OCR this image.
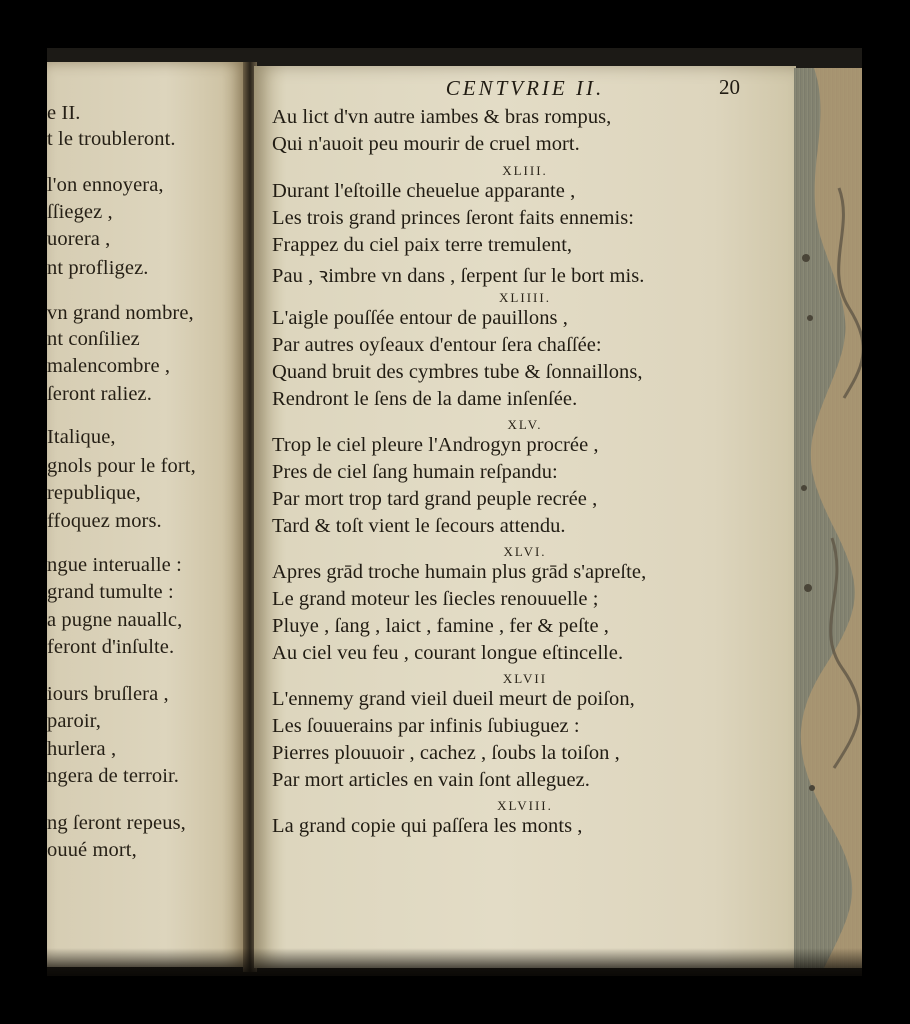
e II.
t le troubleront.
l'on ennoyera,
ſſiegez ,
uorera ,
nt profligez.
vn grand nombre,
nt conſiliez
malencombre ,
ſeront raliez.
Italique,
gnols pour le fort,
republique,
ffoquez mors.
ngue interualle :
grand tumulte :
a pugne nauallc,
feront d'inſulte.
iours bruſlera ,
paroir,
hurlera ,
ngera de terroir.
ng ſeront repeus,
ouué mort,
CENTVRIE II.	20
Au lict d'vn autre iambes & bras rompus,
Qui n'auoit peu mourir de cruel mort.
XLIII.
Durant l'eſtoille cheuelue apparante ,
Les trois grand princes ſeront faits ennemis:
Frappez du ciel paix terre tremulent,
Pau , ꝛimbre vn dans , ſerpent ſur le bort mis.
XLIIII.
L'aigle pouſſée entour de pauillons ,
Par autres oyſeaux d'entour ſera chaſſée:
Quand bruit des cymbres tube & ſonnaillons,
Rendront le ſens de la dame inſenſée.
XLV.
Trop le ciel pleure l'Androgyn procrée ,
Pres de ciel ſang humain reſpandu:
Par mort trop tard grand peuple recrée ,
Tard & toſt vient le ſecours attendu.
XLVI.
Apres grād troche humain plus grād s'apreſte,
Le grand moteur les ſiecles renouuelle ;
Pluye , ſang , laict , famine , fer & peſte ,
Au ciel veu feu , courant longue eſtincelle.
XLVII
L'ennemy grand vieil dueil meurt de poiſon,
Les ſouuerains par infinis ſubiuguez :
Pierres plouuoir , cachez , ſoubs la toiſon ,
Par mort articles en vain ſont alleguez.
XLVIII.
La grand copie qui paſſera les monts ,
